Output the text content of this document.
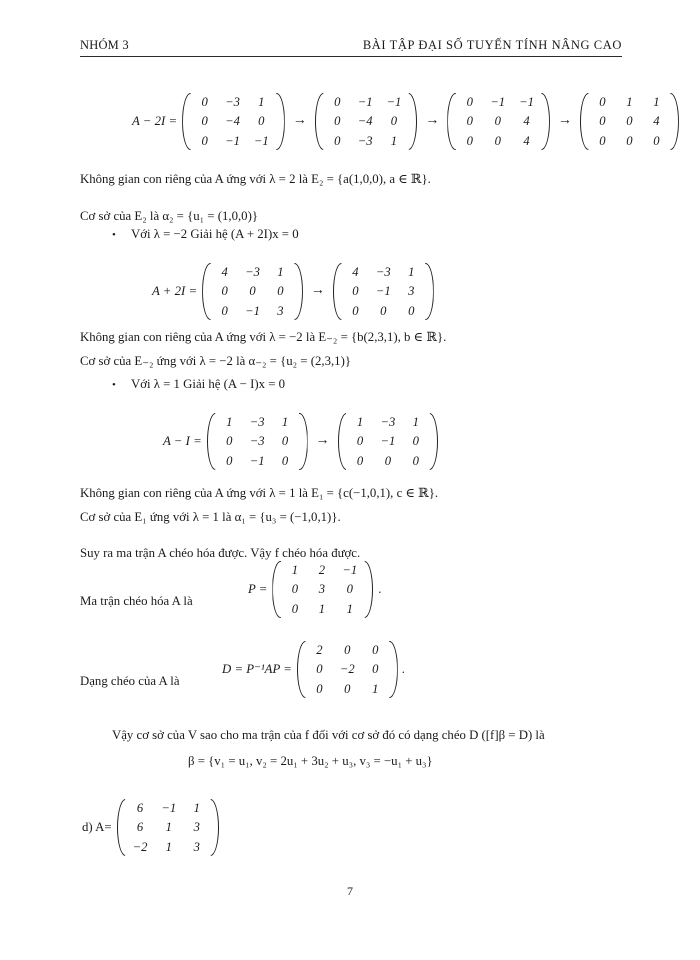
NHÓM 3	BÀI TẬP ĐẠI SỐ TUYẾN TÍNH NÂNG CAO
A − 2I =
0	−3	1
0	−4	0
0	−1	−1
→
0	−1	−1
0	−4	0
0	−3	1
→
0	−1	−1
0	0	4
0	0	4
→
0	1	1
0	0	4
0	0	0
Không gian con riêng của A ứng với λ = 2 là E₂ = {a(1,0,0), a ∈ ℝ}.
Cơ sở của E₂ là α₂ = {u₁ = (1,0,0)}
• Với λ = −2 Giải hệ (A + 2I)x = 0
A + 2I =
4	−3	1
0	0	0
0	−1	3
→
4	−3	1
0	−1	3
0	0	0
Không gian con riêng của A ứng với λ = −2 là E₋₂ = {b(2,3,1), b ∈ ℝ}.
Cơ sở của E₋₂ ứng với λ = −2 là α₋₂ = {u₂ = (2,3,1)}
• Với λ = 1 Giải hệ (A − I)x = 0
A − I =
1	−3	1
0	−3	0
0	−1	0
→
1	−3	1
0	−1	0
0	0	0
Không gian con riêng của A ứng với λ = 1 là E₁ = {c(−1,0,1), c ∈ ℝ}.
Cơ sở của E₁ ứng với λ = 1 là α₁ = {u₃ = (−1,0,1)}.
Suy ra ma trận A chéo hóa được. Vậy f chéo hóa được.
Ma trận chéo hóa A là
P =
1	2	−1
0	3	0
0	1	1
.
Dạng chéo của A là
D = P⁻¹AP =
2	0	0
0	−2	0
0	0	1
.
Vậy cơ sở của V sao cho ma trận của f đối với cơ sở đó có dạng chéo D ([f]β = D) là
β = {v₁ = u₁, v₂ = 2u₁ + 3u₂ + u₃, v₃ = −u₁ + u₃}
d) A=
6	−1	1
6	1	3
−2	1	3
7
